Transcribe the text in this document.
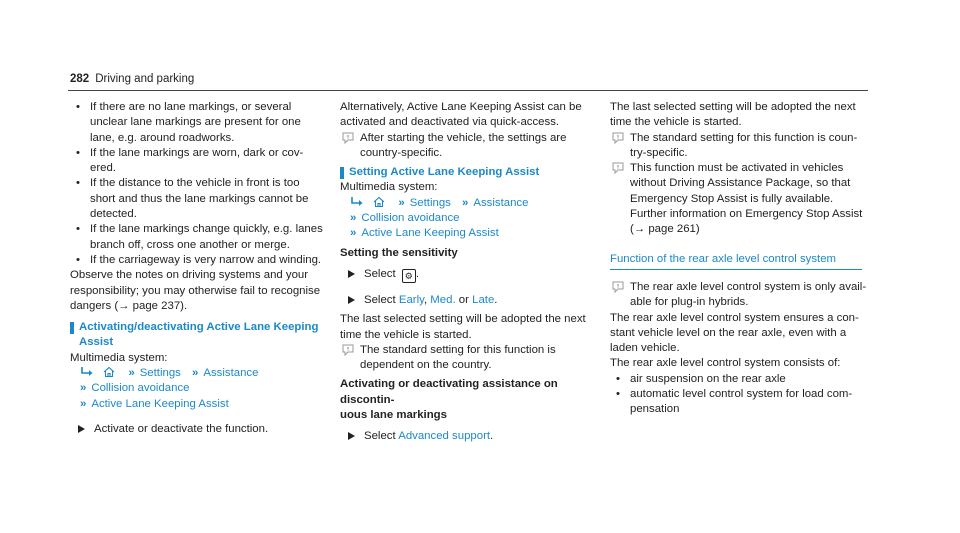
282 Driving and parking

• If there are no lane markings, or several

unclear lane markings are present for one

lane, e.g. around roadworks.

• If the lane markings are worn, dark or cov-

ered.

• If the distance to the vehicle in front is too

short and thus the lane markings cannot be

detected.

• If the lane markings change quickly, e.g. lanes

branch off, cross one another or merge.

• If the carriageway is very narrow and winding.

Observe the notes on driving systems and your

responsibility; you may otherwise fail to recognise

dangers (→ page 237).

Activating/deactivating Active Lane Keeping

Assist

Multimedia system:

» Settings » Assistance
» Collision avoidance
» Active Lane Keeping Assist
Activate or deactivate the function.

Alternatively, Active Lane Keeping Assist can be

activated and deactivated via quick-access.

After starting the vehicle, the settings are

country-specific.

Setting Active Lane Keeping Assist

Multimedia system:

» Settings » Assistance
» Collision avoidance
» Active Lane Keeping Assist

Setting the sensitivity

Select ⚙ .
Select Early, Med. or Late.

The last selected setting will be adopted the next

time the vehicle is started.

The standard setting for this function is

dependent on the country.

Activating or deactivating assistance on discontin-

uous lane markings

Select Advanced support.

The last selected setting will be adopted the next

time the vehicle is started.

The standard setting for this function is coun-

try-specific.

This function must be activated in vehicles

without Driving Assistance Package, so that

Emergency Stop Assist is fully available.

Further information on Emergency Stop Assist

(→ page 261)

Function of the rear axle level control system

The rear axle level control system is only avail-

able for plug-in hybrids.

The rear axle level control system ensures a con-

stant vehicle level on the rear axle, even with a

laden vehicle.

The rear axle level control system consists of:

• air suspension on the rear axle

• automatic level control system for load com-

pensation
